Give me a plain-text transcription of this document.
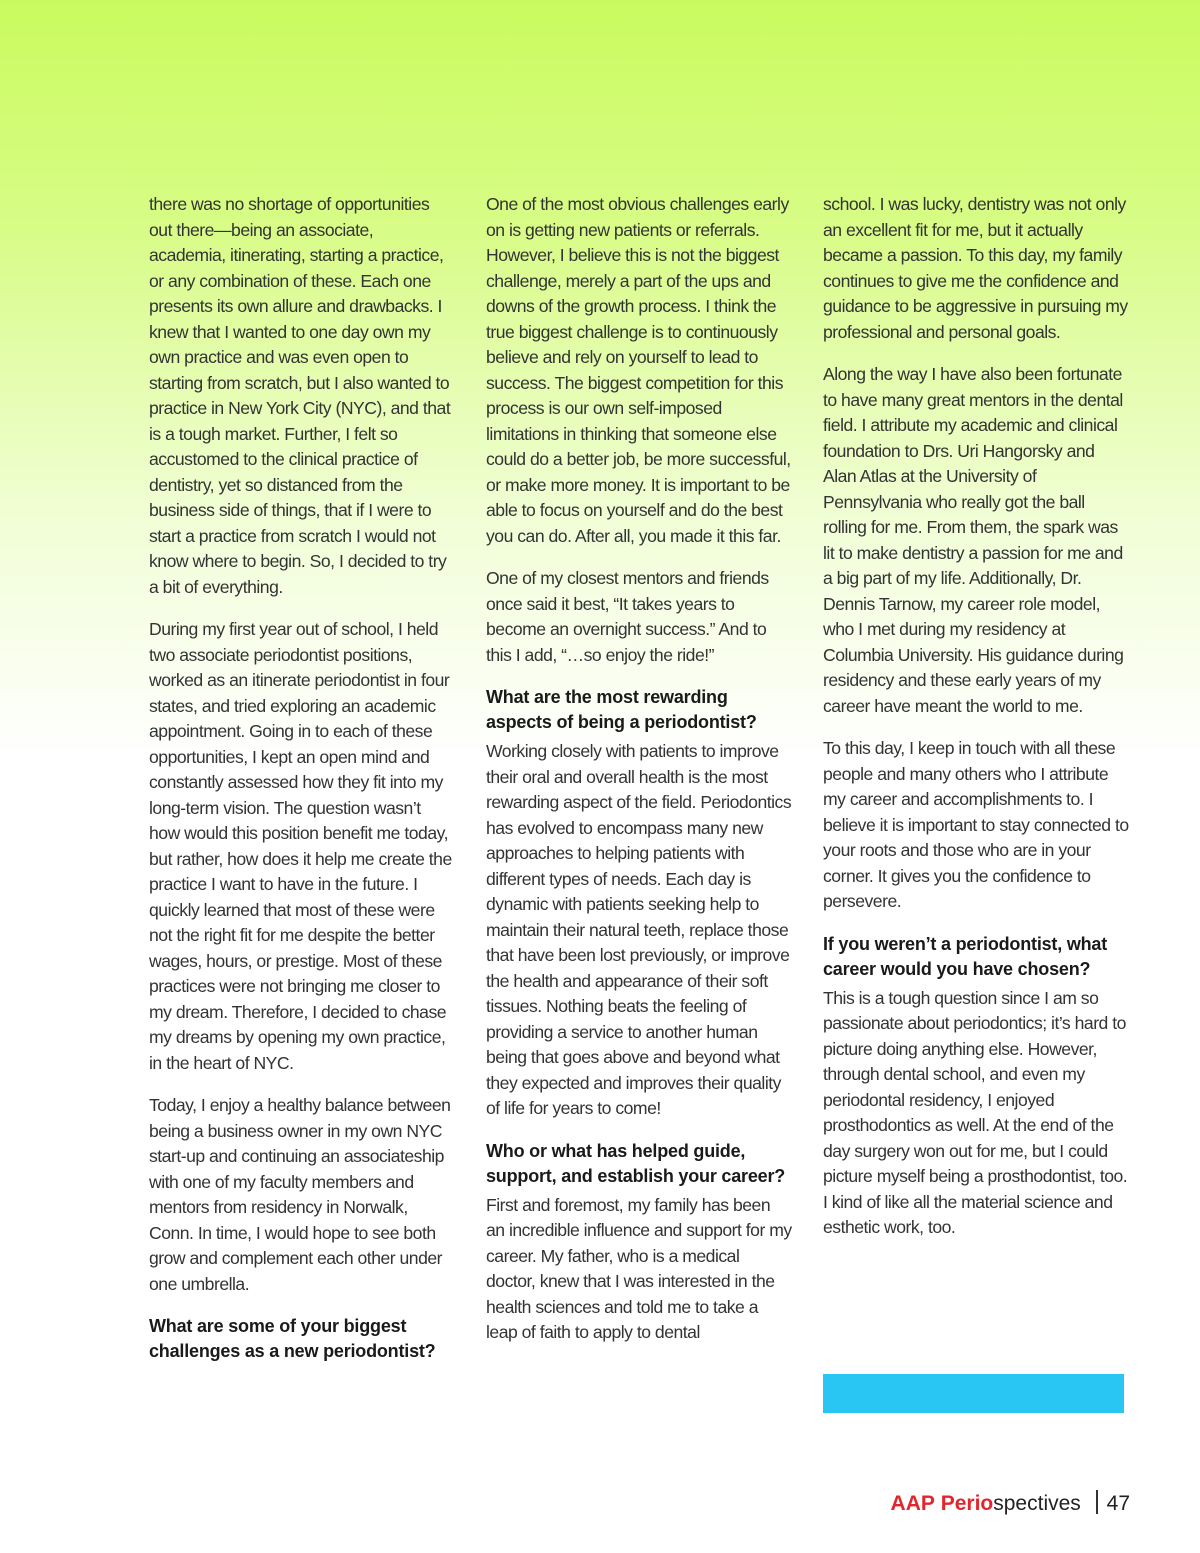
there was no shortage of opportunities out there—being an associate, academia, itinerating, starting a practice, or any combination of these. Each one presents its own allure and drawbacks. I knew that I wanted to one day own my own practice and was even open to starting from scratch, but I also wanted to practice in New York City (NYC), and that is a tough market. Further, I felt so accustomed to the clinical practice of dentistry, yet so distanced from the business side of things, that if I were to start a practice from scratch I would not know where to begin. So, I decided to try a bit of everything.

During my first year out of school, I held two associate periodontist positions, worked as an itinerate periodontist in four states, and tried exploring an academic appointment. Going in to each of these opportunities, I kept an open mind and constantly assessed how they fit into my long-term vision. The question wasn’t how would this position benefit me today, but rather, how does it help me create the practice I want to have in the future. I quickly learned that most of these were not the right fit for me despite the better wages, hours, or prestige. Most of these practices were not bringing me closer to my dream. Therefore, I decided to chase my dreams by opening my own practice, in the heart of NYC.

Today, I enjoy a healthy balance between being a business owner in my own NYC start-up and continuing an associateship with one of my faculty members and mentors from residency in Norwalk, Conn. In time, I would hope to see both grow and complement each other under one umbrella.

What are some of your biggest challenges as a new periodontist?

One of the most obvious challenges early on is getting new patients or referrals. However, I believe this is not the biggest challenge, merely a part of the ups and downs of the growth process. I think the true biggest challenge is to continuously believe and rely on yourself to lead to success. The biggest competition for this process is our own self-imposed limitations in thinking that someone else could do a better job, be more successful, or make more money. It is important to be able to focus on yourself and do the best you can do. After all, you made it this far.

One of my closest mentors and friends once said it best, “It takes years to become an overnight success.” And to this I add, “…so enjoy the ride!”

What are the most rewarding aspects of being a periodontist?

Working closely with patients to improve their oral and overall health is the most rewarding aspect of the field. Periodontics has evolved to encompass many new approaches to helping patients with different types of needs. Each day is dynamic with patients seeking help to maintain their natural teeth, replace those that have been lost previously, or improve the health and appearance of their soft tissues. Nothing beats the feeling of providing a service to another human being that goes above and beyond what they expected and improves their quality of life for years to come!

Who or what has helped guide, support, and establish your career?

First and foremost, my family has been an incredible influence and support for my career. My father, who is a medical doctor, knew that I was interested in the health sciences and told me to take a leap of faith to apply to dental

school. I was lucky, dentistry was not only an excellent fit for me, but it actually became a passion. To this day, my family continues to give me the confidence and guidance to be aggressive in pursuing my professional and personal goals.

Along the way I have also been fortunate to have many great mentors in the dental field. I attribute my academic and clinical foundation to Drs. Uri Hangorsky and Alan Atlas at the University of Pennsylvania who really got the ball rolling for me. From them, the spark was lit to make dentistry a passion for me and a big part of my life. Additionally, Dr. Dennis Tarnow, my career role model, who I met during my residency at Columbia University. His guidance during residency and these early years of my career have meant the world to me.

To this day, I keep in touch with all these people and many others who I attribute my career and accomplishments to. I believe it is important to stay connected to your roots and those who are in your corner. It gives you the confidence to persevere.

If you weren’t a periodontist, what career would you have chosen?

This is a tough question since I am so passionate about periodontics; it’s hard to picture doing anything else. However, through dental school, and even my periodontal residency, I enjoyed prosthodontics as well. At the end of the day surgery won out for me, but I could picture myself being a prosthodontist, too. I kind of like all the material science and esthetic work, too.

AAP Periospectives 47
